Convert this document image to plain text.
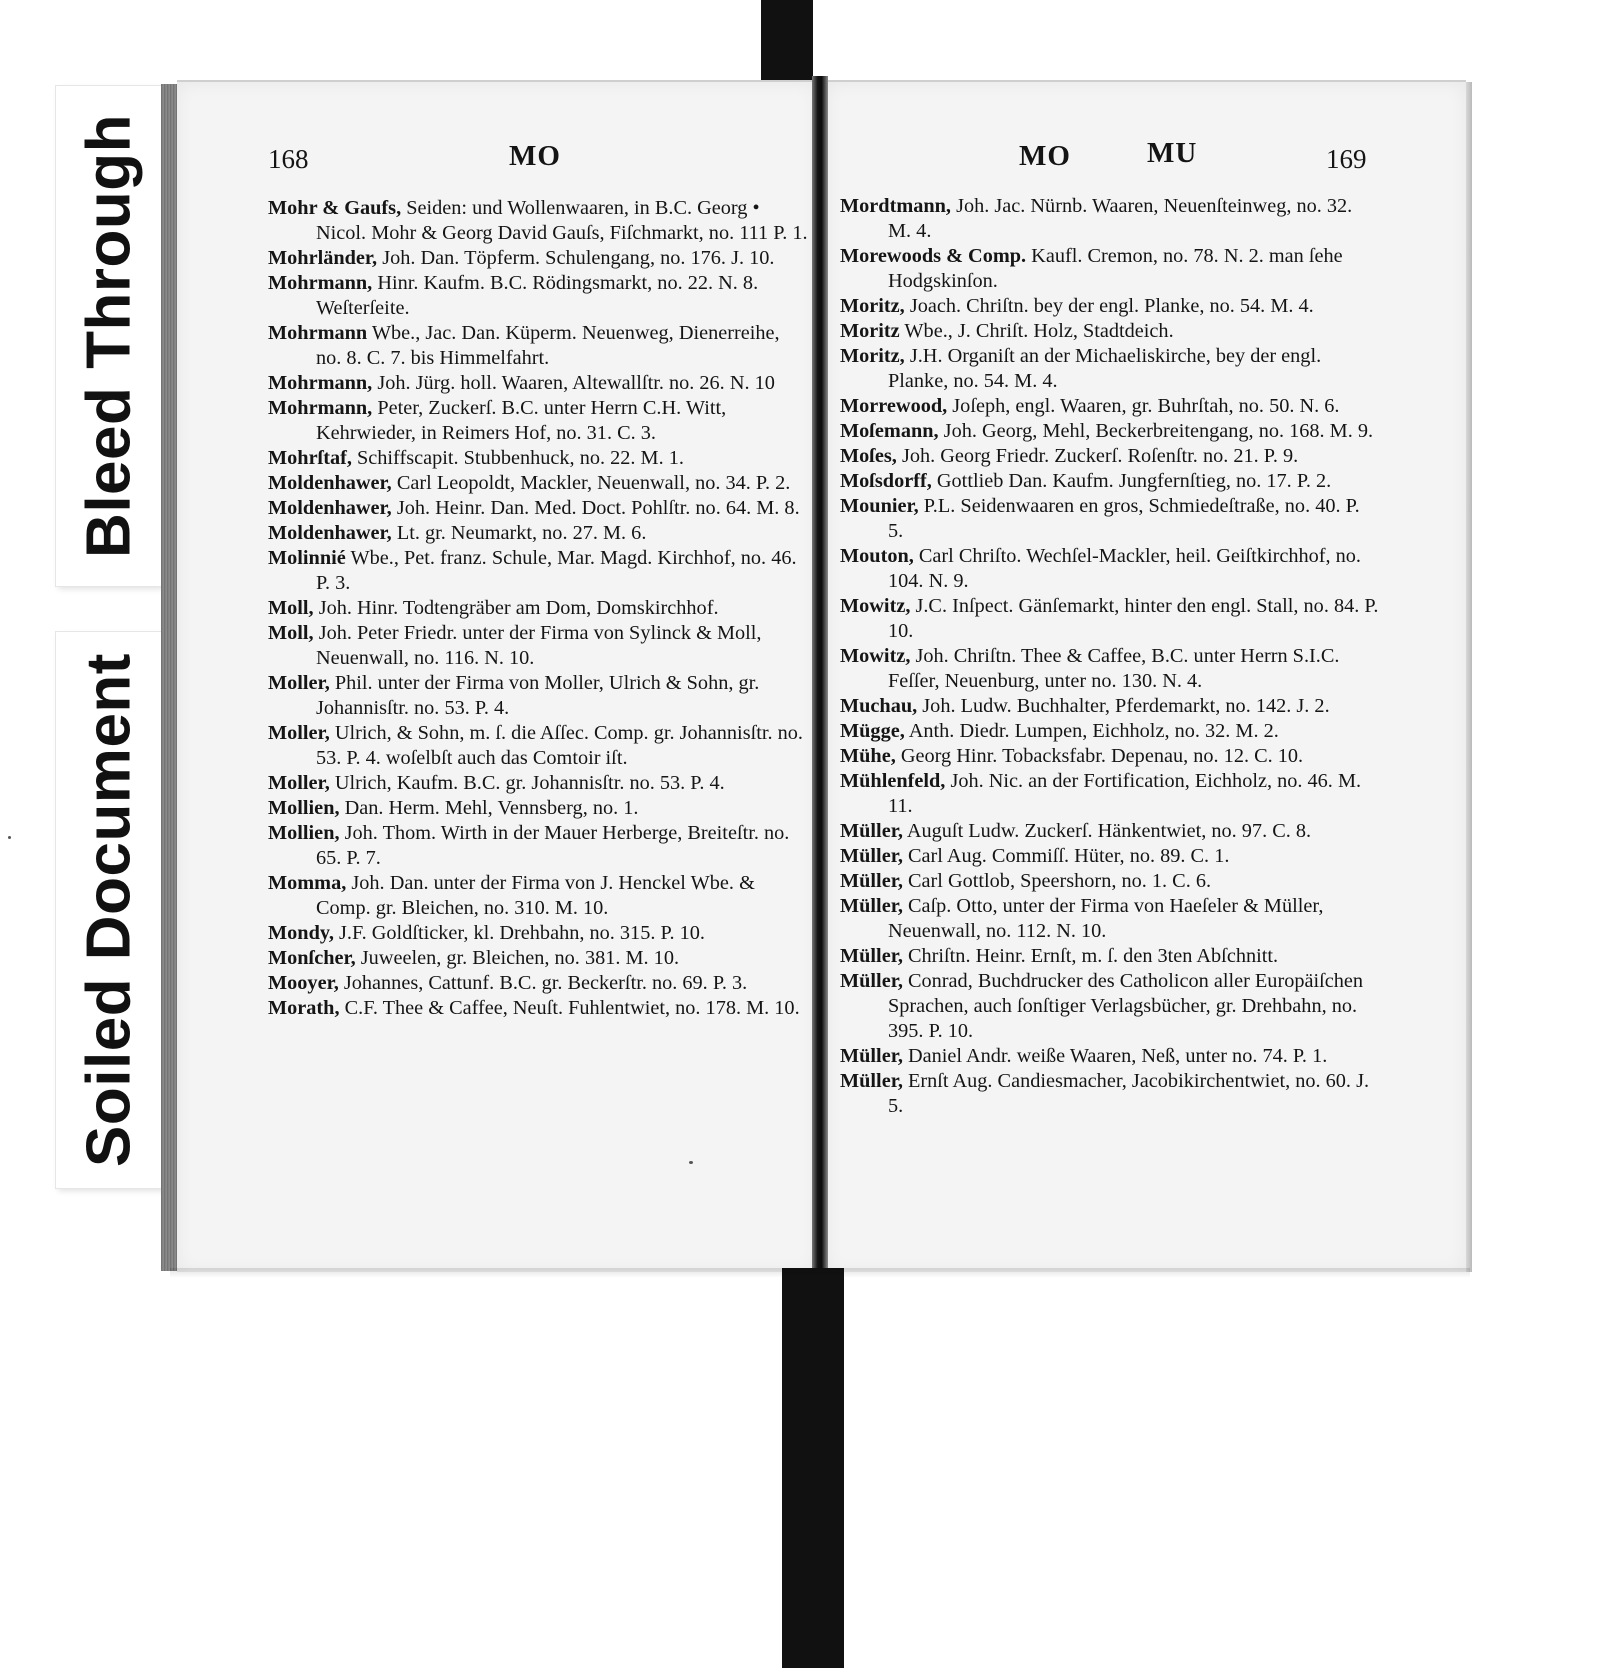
Bleed Through
Soiled Document
168	MO	MO	MU	169
Mohr & Gaufs, Seiden: und Wollenwaaren, in B.C. Georg • Nicol. Mohr & Georg David Gauſs, Fiſchmarkt, no. 111 P. 1.
Mohrländer, Joh. Dan. Töpferm. Schulengang, no. 176. J. 10.
Mohrmann, Hinr. Kaufm. B.C. Rödingsmarkt, no. 22. N. 8. Weſterſeite.
Mohrmann Wbe., Jac. Dan. Küperm. Neuenweg, Dienerreihe, no. 8. C. 7. bis Himmelfahrt.
Mohrmann, Joh. Jürg. holl. Waaren, Altewallſtr. no. 26. N. 10
Mohrmann, Peter, Zuckerſ. B.C. unter Herrn C.H. Witt, Kehrwieder, in Reimers Hof, no. 31. C. 3.
Mohrſtaf, Schiffscapit. Stubbenhuck, no. 22. M. 1.
Moldenhawer, Carl Leopoldt, Mackler, Neuenwall, no. 34. P. 2.
Moldenhawer, Joh. Heinr. Dan. Med. Doct. Pohlſtr. no. 64. M. 8.
Moldenhawer, Lt. gr. Neumarkt, no. 27. M. 6.
Molinnié Wbe., Pet. franz. Schule, Mar. Magd. Kirchhof, no. 46. P. 3.
Moll, Joh. Hinr. Todtengräber am Dom, Domskirchhof.
Moll, Joh. Peter Friedr. unter der Firma von Sylinck & Moll, Neuenwall, no. 116. N. 10.
Moller, Phil. unter der Firma von Moller, Ulrich & Sohn, gr. Johannisſtr. no. 53. P. 4.
Moller, Ulrich, & Sohn, m. ſ. die Aſſec. Comp. gr. Johannisſtr. no. 53. P. 4. woſelbſt auch das Comtoir iſt.
Moller, Ulrich, Kaufm. B.C. gr. Johannisſtr. no. 53. P. 4.
Mollien, Dan. Herm. Mehl, Vennsberg, no. 1.
Mollien, Joh. Thom. Wirth in der Mauer Herberge, Breiteſtr. no. 65. P. 7.
Momma, Joh. Dan. unter der Firma von J. Henckel Wbe. & Comp. gr. Bleichen, no. 310. M. 10.
Mondy, J.F. Goldſticker, kl. Drehbahn, no. 315. P. 10.
Monſcher, Juweelen, gr. Bleichen, no. 381. M. 10.
Mooyer, Johannes, Cattunf. B.C. gr. Beckerſtr. no. 69. P. 3.
Morath, C.F. Thee & Caffee, Neuſt. Fuhlentwiet, no. 178. M. 10.
Mordtmann, Joh. Jac. Nürnb. Waaren, Neuenſteinweg, no. 32. M. 4.
Morewoods & Comp. Kaufl. Cremon, no. 78. N. 2. man ſehe Hodgskinſon.
Moritz, Joach. Chriſtn. bey der engl. Planke, no. 54. M. 4.
Moritz Wbe., J. Chriſt. Holz, Stadtdeich.
Moritz, J.H. Organiſt an der Michaeliskirche, bey der engl. Planke, no. 54. M. 4.
Morrewood, Joſeph, engl. Waaren, gr. Buhrſtah, no. 50. N. 6.
Moſemann, Joh. Georg, Mehl, Beckerbreitengang, no. 168. M. 9.
Moſes, Joh. Georg Friedr. Zuckerſ. Roſenſtr. no. 21. P. 9.
Moſsdorff, Gottlieb Dan. Kaufm. Jungfernſtieg, no. 17. P. 2.
Mounier, P.L. Seidenwaaren en gros, Schmiedeſtraße, no. 40. P. 5.
Mouton, Carl Chriſto. Wechſel-Mackler, heil. Geiſtkirchhof, no. 104. N. 9.
Mowitz, J.C. Inſpect. Gänſemarkt, hinter den engl. Stall, no. 84. P. 10.
Mowitz, Joh. Chriſtn. Thee & Caffee, B.C. unter Herrn S.I.C. Feſſer, Neuenburg, unter no. 130. N. 4.
Muchau, Joh. Ludw. Buchhalter, Pferdemarkt, no. 142. J. 2.
Mügge, Anth. Diedr. Lumpen, Eichholz, no. 32. M. 2.
Mühe, Georg Hinr. Tobacksfabr. Depenau, no. 12. C. 10.
Mühlenfeld, Joh. Nic. an der Fortification, Eichholz, no. 46. M. 11.
Müller, Auguſt Ludw. Zuckerſ. Hänkentwiet, no. 97. C. 8.
Müller, Carl Aug. Commiſſ. Hüter, no. 89. C. 1.
Müller, Carl Gottlob, Speershorn, no. 1. C. 6.
Müller, Caſp. Otto, unter der Firma von Haeſeler & Müller, Neuenwall, no. 112. N. 10.
Müller, Chriſtn. Heinr. Ernſt, m. ſ. den 3ten Abſchnitt.
Müller, Conrad, Buchdrucker des Catholicon aller Europäiſchen Sprachen, auch ſonſtiger Verlagsbücher, gr. Drehbahn, no. 395. P. 10.
Müller, Daniel Andr. weiße Waaren, Neß, unter no. 74. P. 1.
Müller, Ernſt Aug. Candiesmacher, Jacobikirchentwiet, no. 60. J. 5.
